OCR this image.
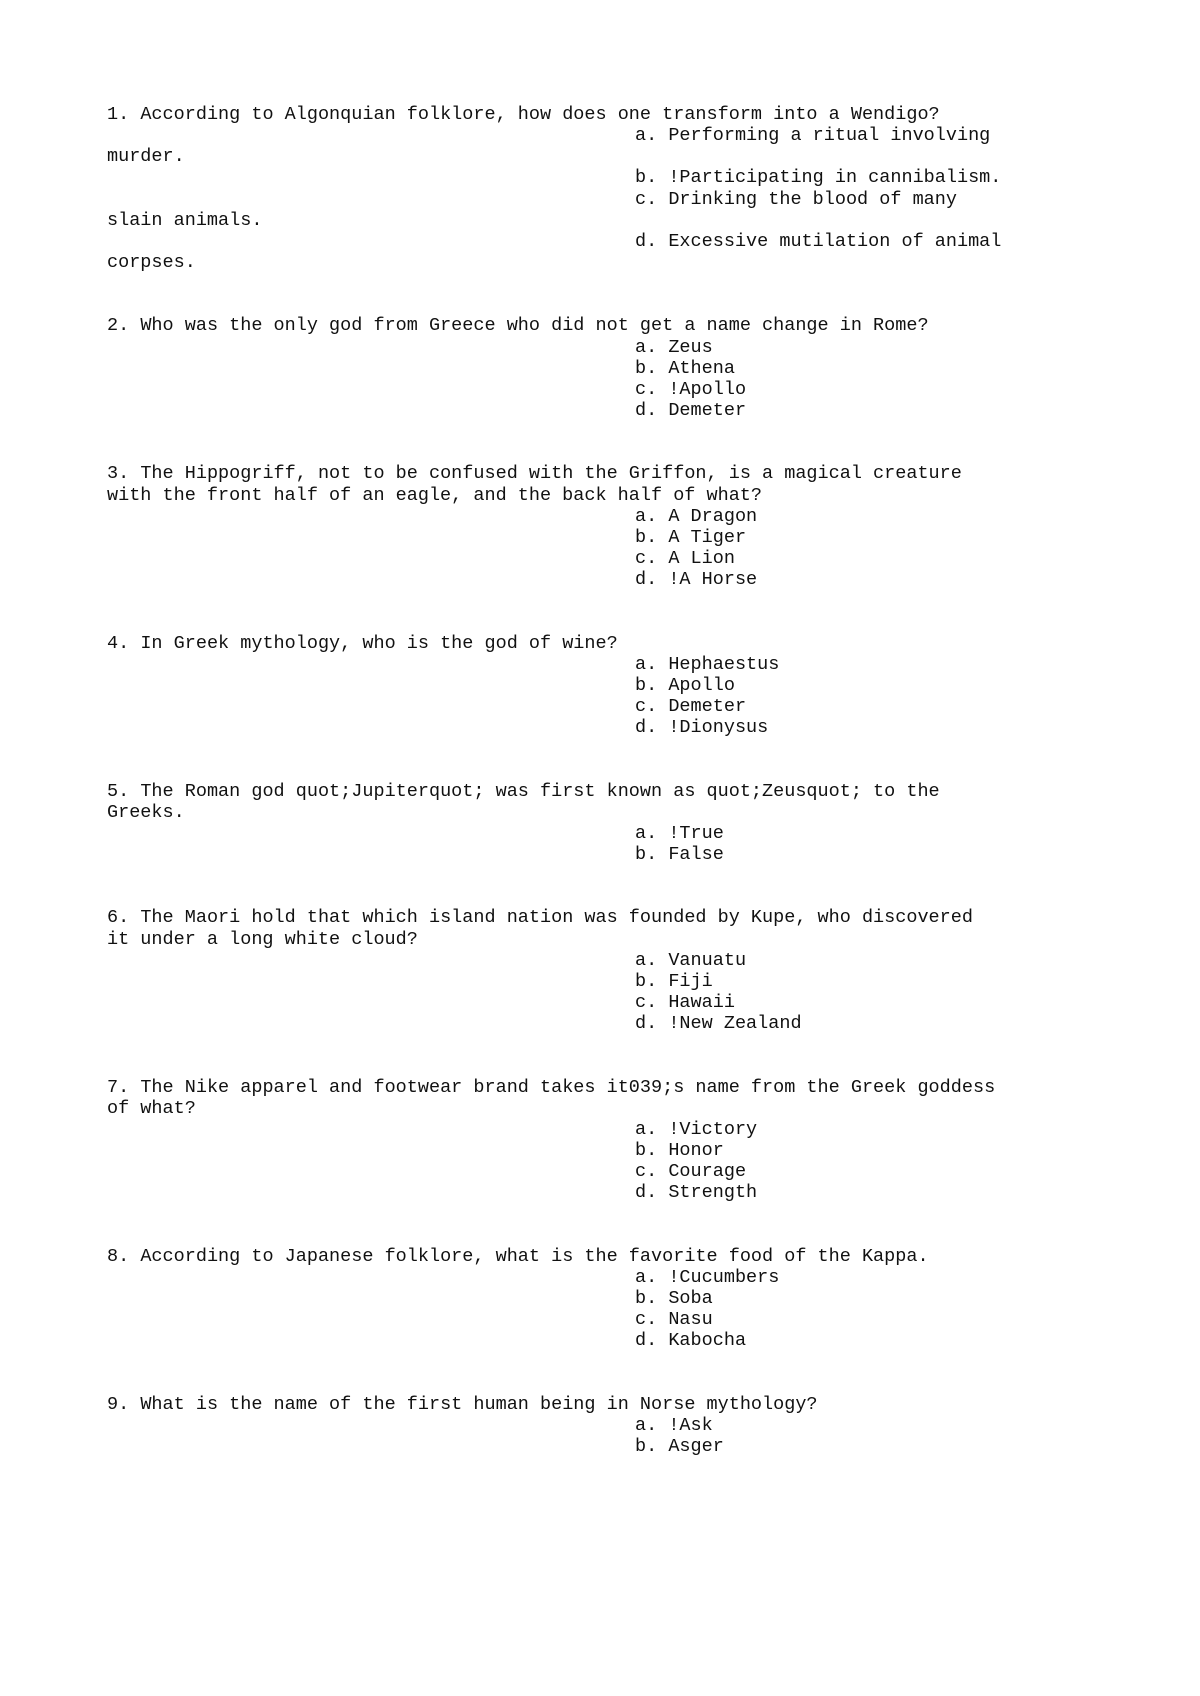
1. According to Algonquian folklore, how does one transform into a Wendigo?
a. Performing a ritual involving
murder.
b. !Participating in cannibalism.
c. Drinking the blood of many
slain animals.
d. Excessive mutilation of animal
corpses.
2. Who was the only god from Greece who did not get a name change in Rome?
a. Zeus
b. Athena
c. !Apollo
d. Demeter
3. The Hippogriff, not to be confused with the Griffon, is a magical creature
with the front half of an eagle, and the back half of what?
a. A Dragon
b. A Tiger
c. A Lion
d. !A Horse
4. In Greek mythology, who is the god of wine?
a. Hephaestus
b. Apollo
c. Demeter
d. !Dionysus
5. The Roman god quot;Jupiterquot; was first known as quot;Zeusquot; to the
Greeks.
a. !True
b. False
6. The Maori hold that which island nation was founded by Kupe, who discovered
it under a long white cloud?
a. Vanuatu
b. Fiji
c. Hawaii
d. !New Zealand
7. The Nike apparel and footwear brand takes it039;s name from the Greek goddess
of what?
a. !Victory
b. Honor
c. Courage
d. Strength
8. According to Japanese folklore, what is the favorite food of the Kappa.
a. !Cucumbers
b. Soba
c. Nasu
d. Kabocha
9. What is the name of the first human being in Norse mythology?
a. !Ask
b. Asger
